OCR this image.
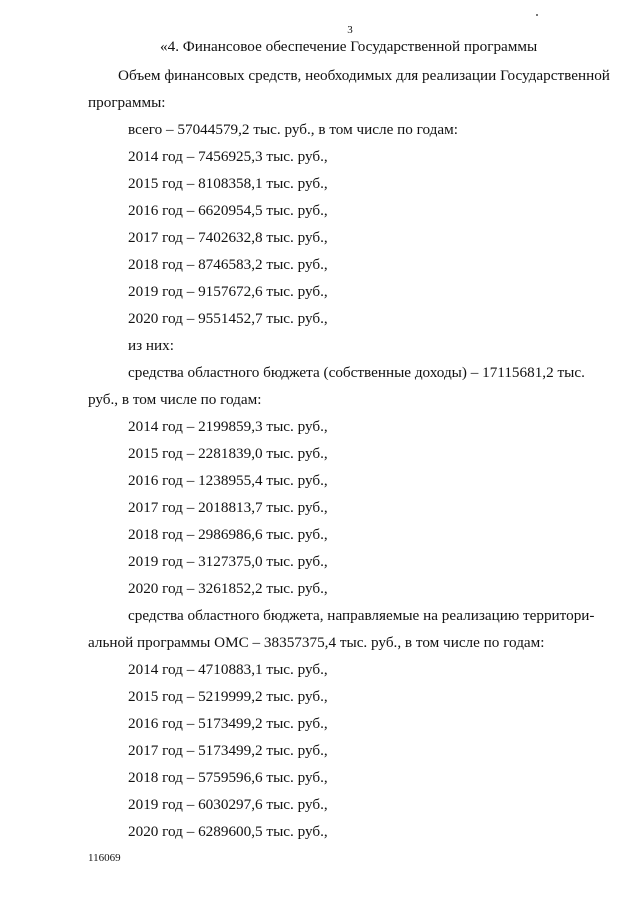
3
«4. Финансовое обеспечение Государственной программы
Объем финансовых средств, необходимых для реализации Государственной
программы:
всего – 57044579,2 тыс. руб., в том числе по годам:
2014 год – 7456925,3 тыс. руб.,
2015 год – 8108358,1 тыс. руб.,
2016 год – 6620954,5 тыс. руб.,
2017 год – 7402632,8 тыс. руб.,
2018 год – 8746583,2 тыс. руб.,
2019 год – 9157672,6 тыс. руб.,
2020 год – 9551452,7 тыс. руб.,
из них:
средства областного бюджета (собственные доходы) – 17115681,2 тыс.
руб., в том числе по годам:
2014 год – 2199859,3 тыс. руб.,
2015 год – 2281839,0 тыс. руб.,
2016 год – 1238955,4 тыс. руб.,
2017 год – 2018813,7 тыс. руб.,
2018 год – 2986986,6 тыс. руб.,
2019 год – 3127375,0 тыс. руб.,
2020 год – 3261852,2 тыс. руб.,
средства областного бюджета, направляемые на реализацию территори-
альной программы ОМС – 38357375,4 тыс. руб., в том числе по годам:
2014 год – 4710883,1 тыс. руб.,
2015 год – 5219999,2 тыс. руб.,
2016 год – 5173499,2 тыс. руб.,
2017 год – 5173499,2 тыс. руб.,
2018 год – 5759596,6 тыс. руб.,
2019 год – 6030297,6 тыс. руб.,
2020 год – 6289600,5 тыс. руб.,
116069
